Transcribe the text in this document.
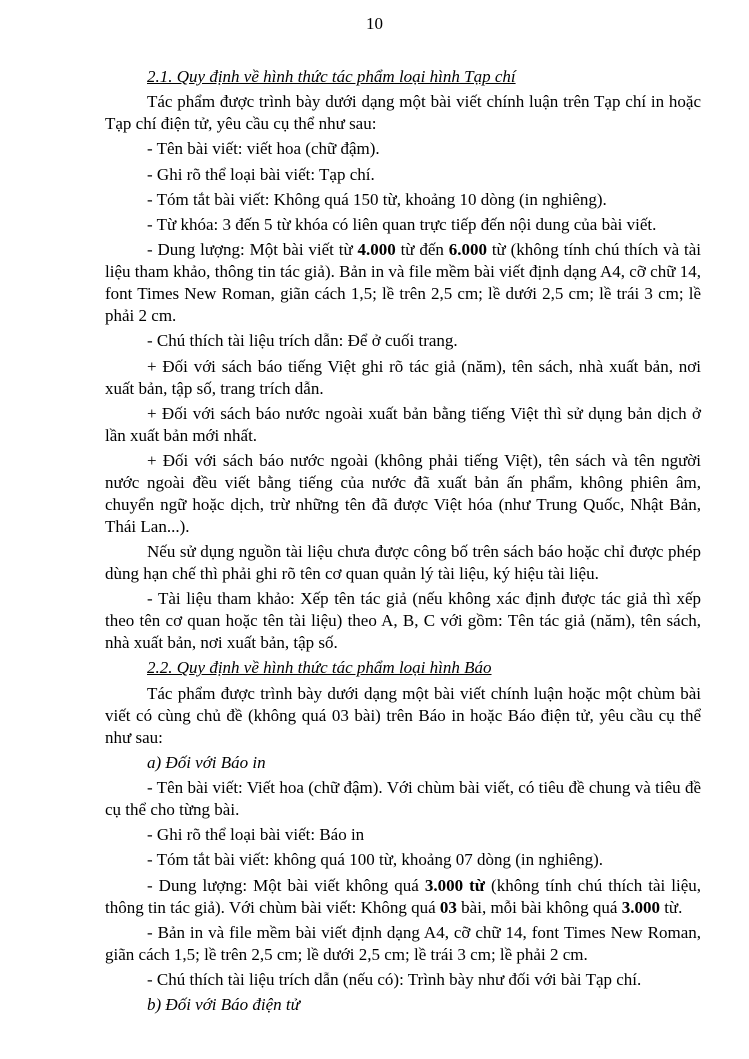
10

2.1. Quy định về hình thức tác phẩm loại hình Tạp chí

Tác phẩm được trình bày dưới dạng một bài viết chính luận trên Tạp chí in hoặc Tạp chí điện tử, yêu cầu cụ thể như sau:

- Tên bài viết: viết hoa (chữ đậm).

- Ghi rõ thể loại bài viết: Tạp chí.

- Tóm tắt bài viết: Không quá 150 từ, khoảng 10 dòng (in nghiêng).

- Từ khóa: 3 đến 5 từ khóa có liên quan trực tiếp đến nội dung của bài viết.

- Dung lượng: Một bài viết từ 4.000 từ đến 6.000 từ (không tính chú thích và tài liệu tham khảo, thông tin tác giả). Bản in và file mềm bài viết định dạng A4, cỡ chữ 14, font Times New Roman, giãn cách 1,5; lề trên 2,5 cm; lề dưới 2,5 cm; lề trái 3 cm; lề phải 2 cm.

- Chú thích tài liệu trích dẫn: Để ở cuối trang.

+ Đối với sách báo tiếng Việt ghi rõ tác giả (năm), tên sách, nhà xuất bản, nơi xuất bản, tập số, trang trích dẫn.

+ Đối với sách báo nước ngoài xuất bản bằng tiếng Việt thì sử dụng bản dịch ở lần xuất bản mới nhất.

+ Đối với sách báo nước ngoài (không phải tiếng Việt), tên sách và tên người nước ngoài đều viết bằng tiếng của nước đã xuất bản ấn phẩm, không phiên âm, chuyển ngữ hoặc dịch, trừ những tên đã được Việt hóa (như Trung Quốc, Nhật Bản, Thái Lan...).

Nếu sử dụng nguồn tài liệu chưa được công bố trên sách báo hoặc chỉ được phép dùng hạn chế thì phải ghi rõ tên cơ quan quản lý tài liệu, ký hiệu tài liệu.

- Tài liệu tham khảo: Xếp tên tác giả (nếu không xác định được tác giả thì xếp theo tên cơ quan hoặc tên tài liệu) theo A, B, C với gồm: Tên tác giả (năm), tên sách, nhà xuất bản, nơi xuất bản, tập số.

2.2. Quy định về hình thức tác phẩm loại hình Báo

Tác phẩm được trình bày dưới dạng một bài viết chính luận hoặc một chùm bài viết có cùng chủ đề (không quá 03 bài) trên Báo in hoặc Báo điện tử, yêu cầu cụ thể như sau:

a) Đối với Báo in

- Tên bài viết: Viết hoa (chữ đậm). Với chùm bài viết, có tiêu đề chung và tiêu đề cụ thể cho từng bài.

- Ghi rõ thể loại bài viết: Báo in

- Tóm tắt bài viết: không quá 100 từ, khoảng 07 dòng (in nghiêng).

- Dung lượng: Một bài viết không quá 3.000 từ (không tính chú thích tài liệu, thông tin tác giả). Với chùm bài viết: Không quá 03 bài, mỗi bài không quá 3.000 từ.

- Bản in và file mềm bài viết định dạng A4, cỡ chữ 14, font Times New Roman, giãn cách 1,5; lề trên 2,5 cm; lề dưới 2,5 cm; lề trái 3 cm; lề phải 2 cm.

- Chú thích tài liệu trích dẫn (nếu có): Trình bày như đối với bài Tạp chí.

b) Đối với Báo điện tử
